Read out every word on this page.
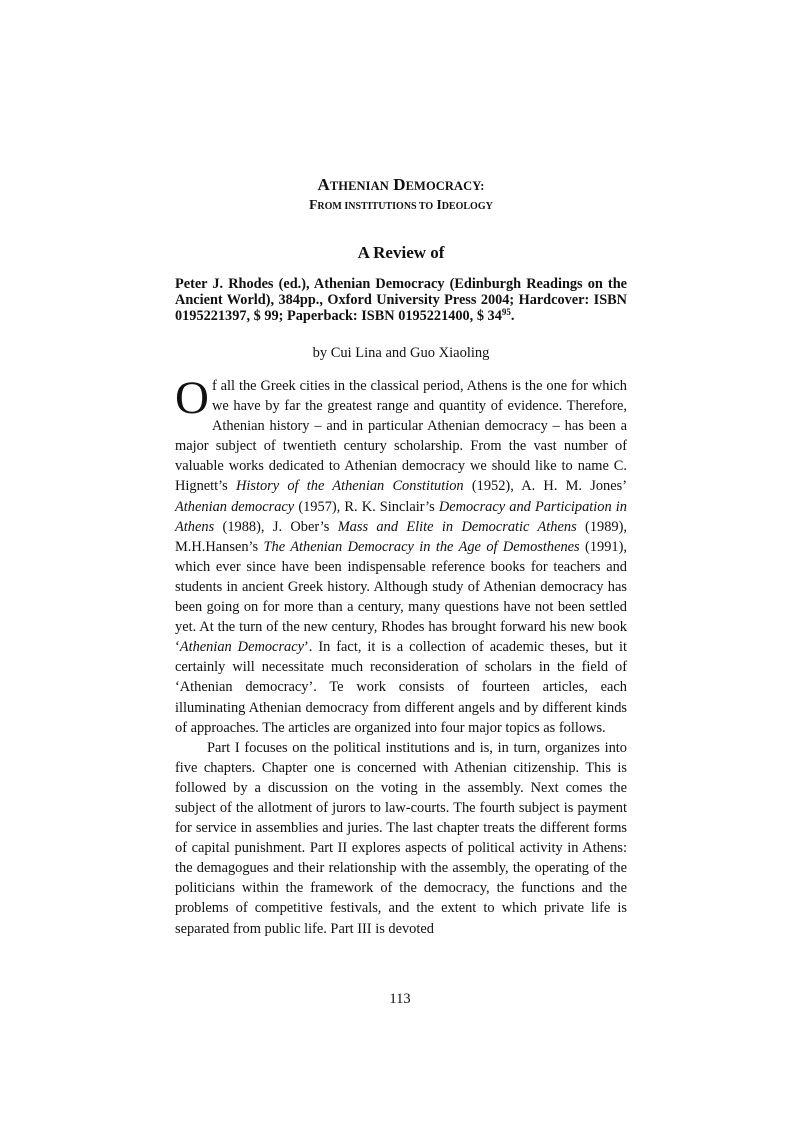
ATHENIAN DEMOCRACY:
FROM INSTITUTIONS TO IDEOLOGY
A Review of
Peter J. Rhodes (ed.), Athenian Democracy (Edinburgh Readings on the Ancient World), 384pp., Oxford University Press 2004; Hardcover: ISBN 0195221397, $ 99; Paperback: ISBN 0195221400, $ $34^{95}$.
by Cui Lina and Guo Xiaoling

Of all the Greek cities in the classical period, Athens is the one for which we have by far the greatest range and quantity of evidence. Therefore, Athenian history – and in particular Athenian democracy – has been a major subject of twentieth century scholarship. From the vast number of valuable works dedicated to Athenian democracy we should like to name C. Hignett’s History of the Athenian Constitution (1952), A. H. M. Jones’ Athenian democracy (1957), R. K. Sinclair’s Democracy and Participation in Athens (1988), J. Ober’s Mass and Elite in Democratic Athens (1989), M.H.Hansen’s The Athenian Democracy in the Age of Demosthenes (1991), which ever since have been indispensable reference books for teachers and students in ancient Greek history. Although study of Athenian democracy has been going on for more than a century, many questions have not been settled yet. At the turn of the new century, Rhodes has brought forward his new book ‘Athenian Democracy’. In fact, it is a collection of academic theses, but it certainly will necessitate much reconsideration of scholars in the field of ‘Athenian democracy’. Te work consists of fourteen articles, each illuminating Athenian democracy from different angels and by different kinds of approaches. The articles are organized into four major topics as follows.

Part I focuses on the political institutions and is, in turn, organizes into five chapters. Chapter one is concerned with Athenian citizenship. This is followed by a discussion on the voting in the assembly. Next comes the subject of the allotment of jurors to law-courts. The fourth subject is payment for service in assemblies and juries. The last chapter treats the different forms of capital punishment. Part II explores aspects of political activity in Athens: the demagogues and their relationship with the assembly, the operating of the politicians within the framework of the democracy, the functions and the problems of competitive festivals, and the extent to which private life is separated from public life. Part III is devoted

113
